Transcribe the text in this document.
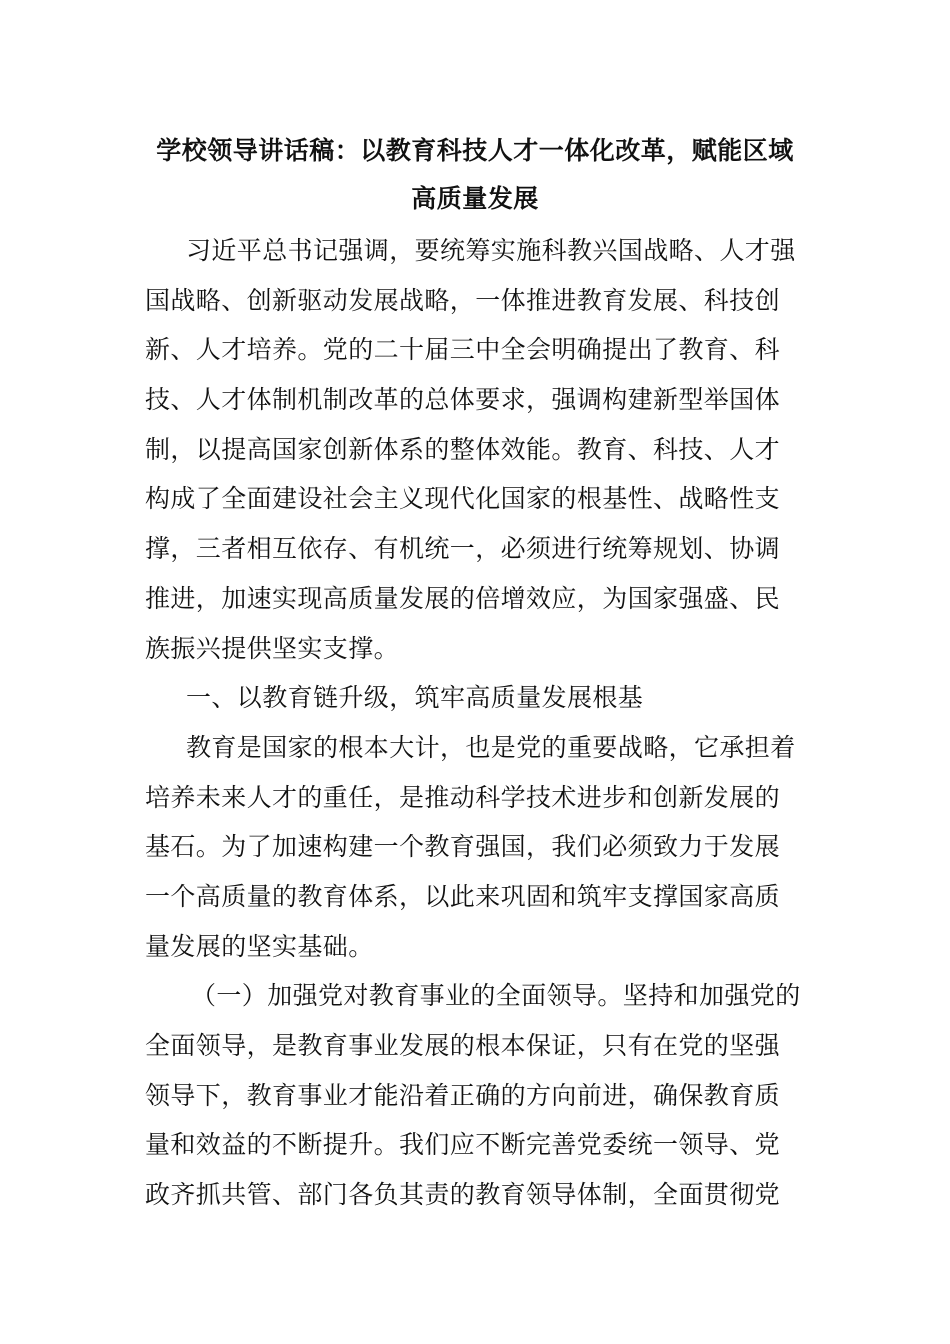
学校领导讲话稿：以教育科技人才一体化改革，赋能区域
高质量发展
习近平总书记强调，要统筹实施科教兴国战略、人才强
国战略、创新驱动发展战略，一体推进教育发展、科技创
新、人才培养。党的二十届三中全会明确提出了教育、科
技、人才体制机制改革的总体要求，强调构建新型举国体
制，以提高国家创新体系的整体效能。教育、科技、人才
构成了全面建设社会主义现代化国家的根基性、战略性支
撑，三者相互依存、有机统一，必须进行统筹规划、协调
推进，加速实现高质量发展的倍增效应，为国家强盛、民
族振兴提供坚实支撑。
一、以教育链升级，筑牢高质量发展根基
教育是国家的根本大计，也是党的重要战略，它承担着
培养未来人才的重任，是推动科学技术进步和创新发展的
基石。为了加速构建一个教育强国，我们必须致力于发展
一个高质量的教育体系，以此来巩固和筑牢支撑国家高质
量发展的坚实基础。
（一）加强党对教育事业的全面领导。坚持和加强党的
全面领导，是教育事业发展的根本保证，只有在党的坚强
领导下，教育事业才能沿着正确的方向前进，确保教育质
量和效益的不断提升。我们应不断完善党委统一领导、党
政齐抓共管、部门各负其责的教育领导体制，全面贯彻党
